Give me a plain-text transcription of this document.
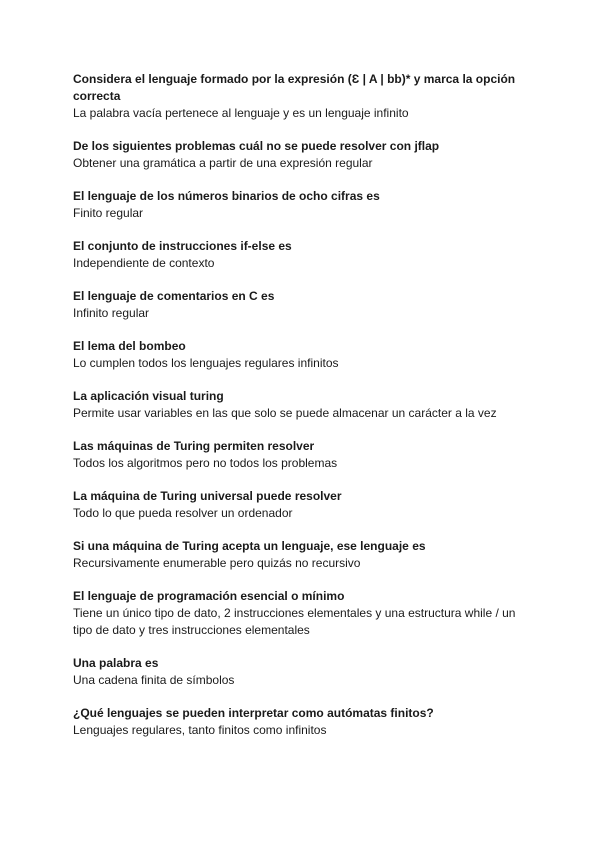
Considera el lenguaje formado por la expresión (Ɛ | A | bb)* y marca la opción correcta

La palabra vacía pertenece al lenguaje y es un lenguaje infinito

De los siguientes problemas cuál no se puede resolver con jflap

Obtener una gramática a partir de una expresión regular

El lenguaje de los números binarios de ocho cifras es

Finito regular

El conjunto de instrucciones if-else es

Independiente de contexto

El lenguaje de comentarios en C es

Infinito regular

El lema del bombeo

Lo cumplen todos los lenguajes regulares infinitos

La aplicación visual turing

Permite usar variables en las que solo se puede almacenar un carácter a la vez

Las máquinas de Turing permiten resolver

Todos los algoritmos pero no todos los problemas

La máquina de Turing universal puede resolver

Todo lo que pueda resolver un ordenador

Si una máquina de Turing acepta un lenguaje, ese lenguaje es

Recursivamente enumerable pero quizás no recursivo

El lenguaje de programación esencial o mínimo

Tiene un único tipo de dato, 2 instrucciones elementales y una estructura while / un tipo de dato y tres instrucciones elementales

Una palabra es

Una cadena finita de símbolos

¿Qué lenguajes se pueden interpretar como autómatas finitos?

Lenguajes regulares, tanto finitos como infinitos
